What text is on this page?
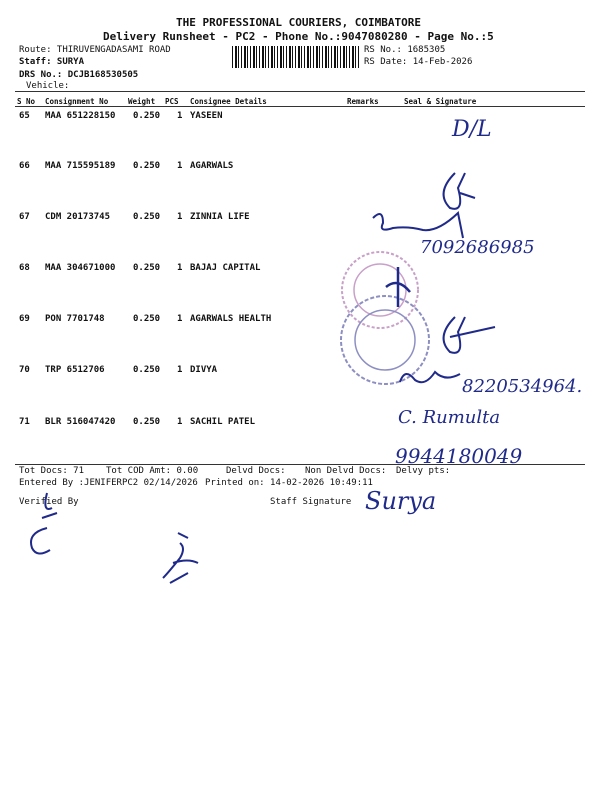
THE PROFESSIONAL COURIERS, COIMBATORE
Delivery Runsheet - PC2 - Phone No.:9047080280 - Page No.:5
Route: THIRUVENGADASAMI ROAD
Staff: SURYA
DRS No.: DCJB168530505
Vehicle:
RS No.: 1685305
RS Date: 14-Feb-2026
S No Consignment No	Weight PCS Consignee Details	Remarks	Seal & Signature
65 MAA 651228150 0.250 1 YASEEN
66 MAA 715595189 0.250 1 AGARWALS
67 CDM 20173745	0.250 1 ZINNIA LIFE
68 MAA 304671000 0.250 1 BAJAJ CAPITAL
69 PON 7701748	0.250 1 AGARWALS HEALTH
70 TRP 6512706	0.250 1 DIVYA
71 BLR 516047420 0.250 1 SACHIL PATEL
Tot Docs: 71 Tot COD Amt: 0.00	Delvd Docs: Non Delvd Docs: Delvy pts:
Entered By :JENIFERPC2 02/14/2026 Printed on: 14-02-2026 10:49:11
Verified By	Staff Signature
D/L
7092686985
8220534964.
C. Rumulta
9944180049
Surya
